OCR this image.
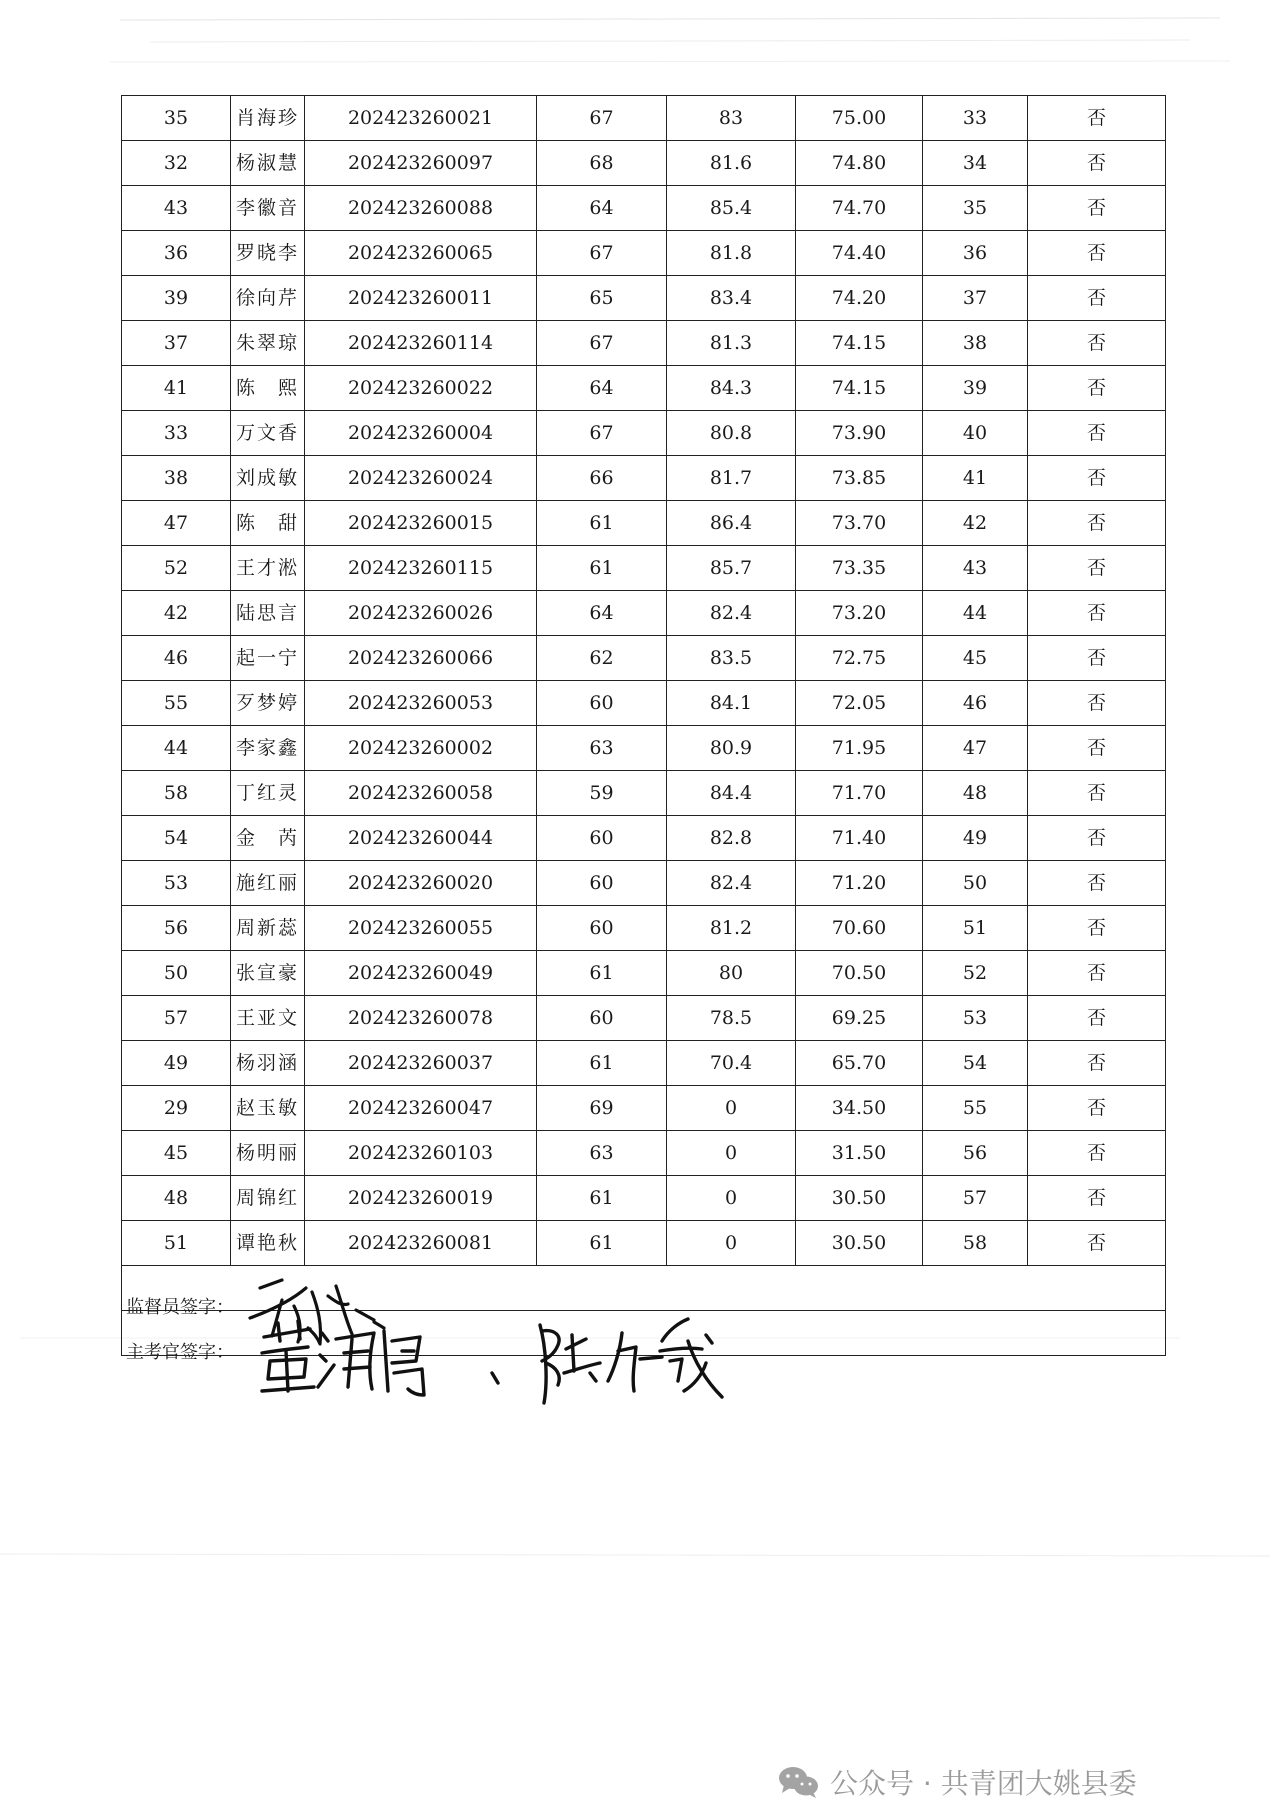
35	肖海珍	202423260021	67	83	75.00	33	否
32	杨淑慧	202423260097	68	81.6	74.80	34	否
43	李徽音	202423260088	64	85.4	74.70	35	否
36	罗晓李	202423260065	67	81.8	74.40	36	否
39	徐向芹	202423260011	65	83.4	74.20	37	否
37	朱翠琼	202423260114	67	81.3	74.15	38	否
41	陈　熙	202423260022	64	84.3	74.15	39	否
33	万文香	202423260004	67	80.8	73.90	40	否
38	刘成敏	202423260024	66	81.7	73.85	41	否
47	陈　甜	202423260015	61	86.4	73.70	42	否
52	王才淞	202423260115	61	85.7	73.35	43	否
42	陆思言	202423260026	64	82.4	73.20	44	否
46	起一宁	202423260066	62	83.5	72.75	45	否
55	歹梦婷	202423260053	60	84.1	72.05	46	否
44	李家鑫	202423260002	63	80.9	71.95	47	否
58	丁红灵	202423260058	59	84.4	71.70	48	否
54	金　芮	202423260044	60	82.8	71.40	49	否
53	施红丽	202423260020	60	82.4	71.20	50	否
56	周新蕊	202423260055	60	81.2	70.60	51	否
50	张宣豪	202423260049	61	80	70.50	52	否
57	王亚文	202423260078	60	78.5	69.25	53	否
49	杨羽涵	202423260037	61	70.4	65.70	54	否
29	赵玉敏	202423260047	69	0	34.50	55	否
45	杨明丽	202423260103	63	0	31.50	56	否
48	周锦红	202423260019	61	0	30.50	57	否
51	谭艳秋	202423260081	61	0	30.50	58	否

监督员签字：							

主考官签字：							
公众号 · 共青团大姚县委
